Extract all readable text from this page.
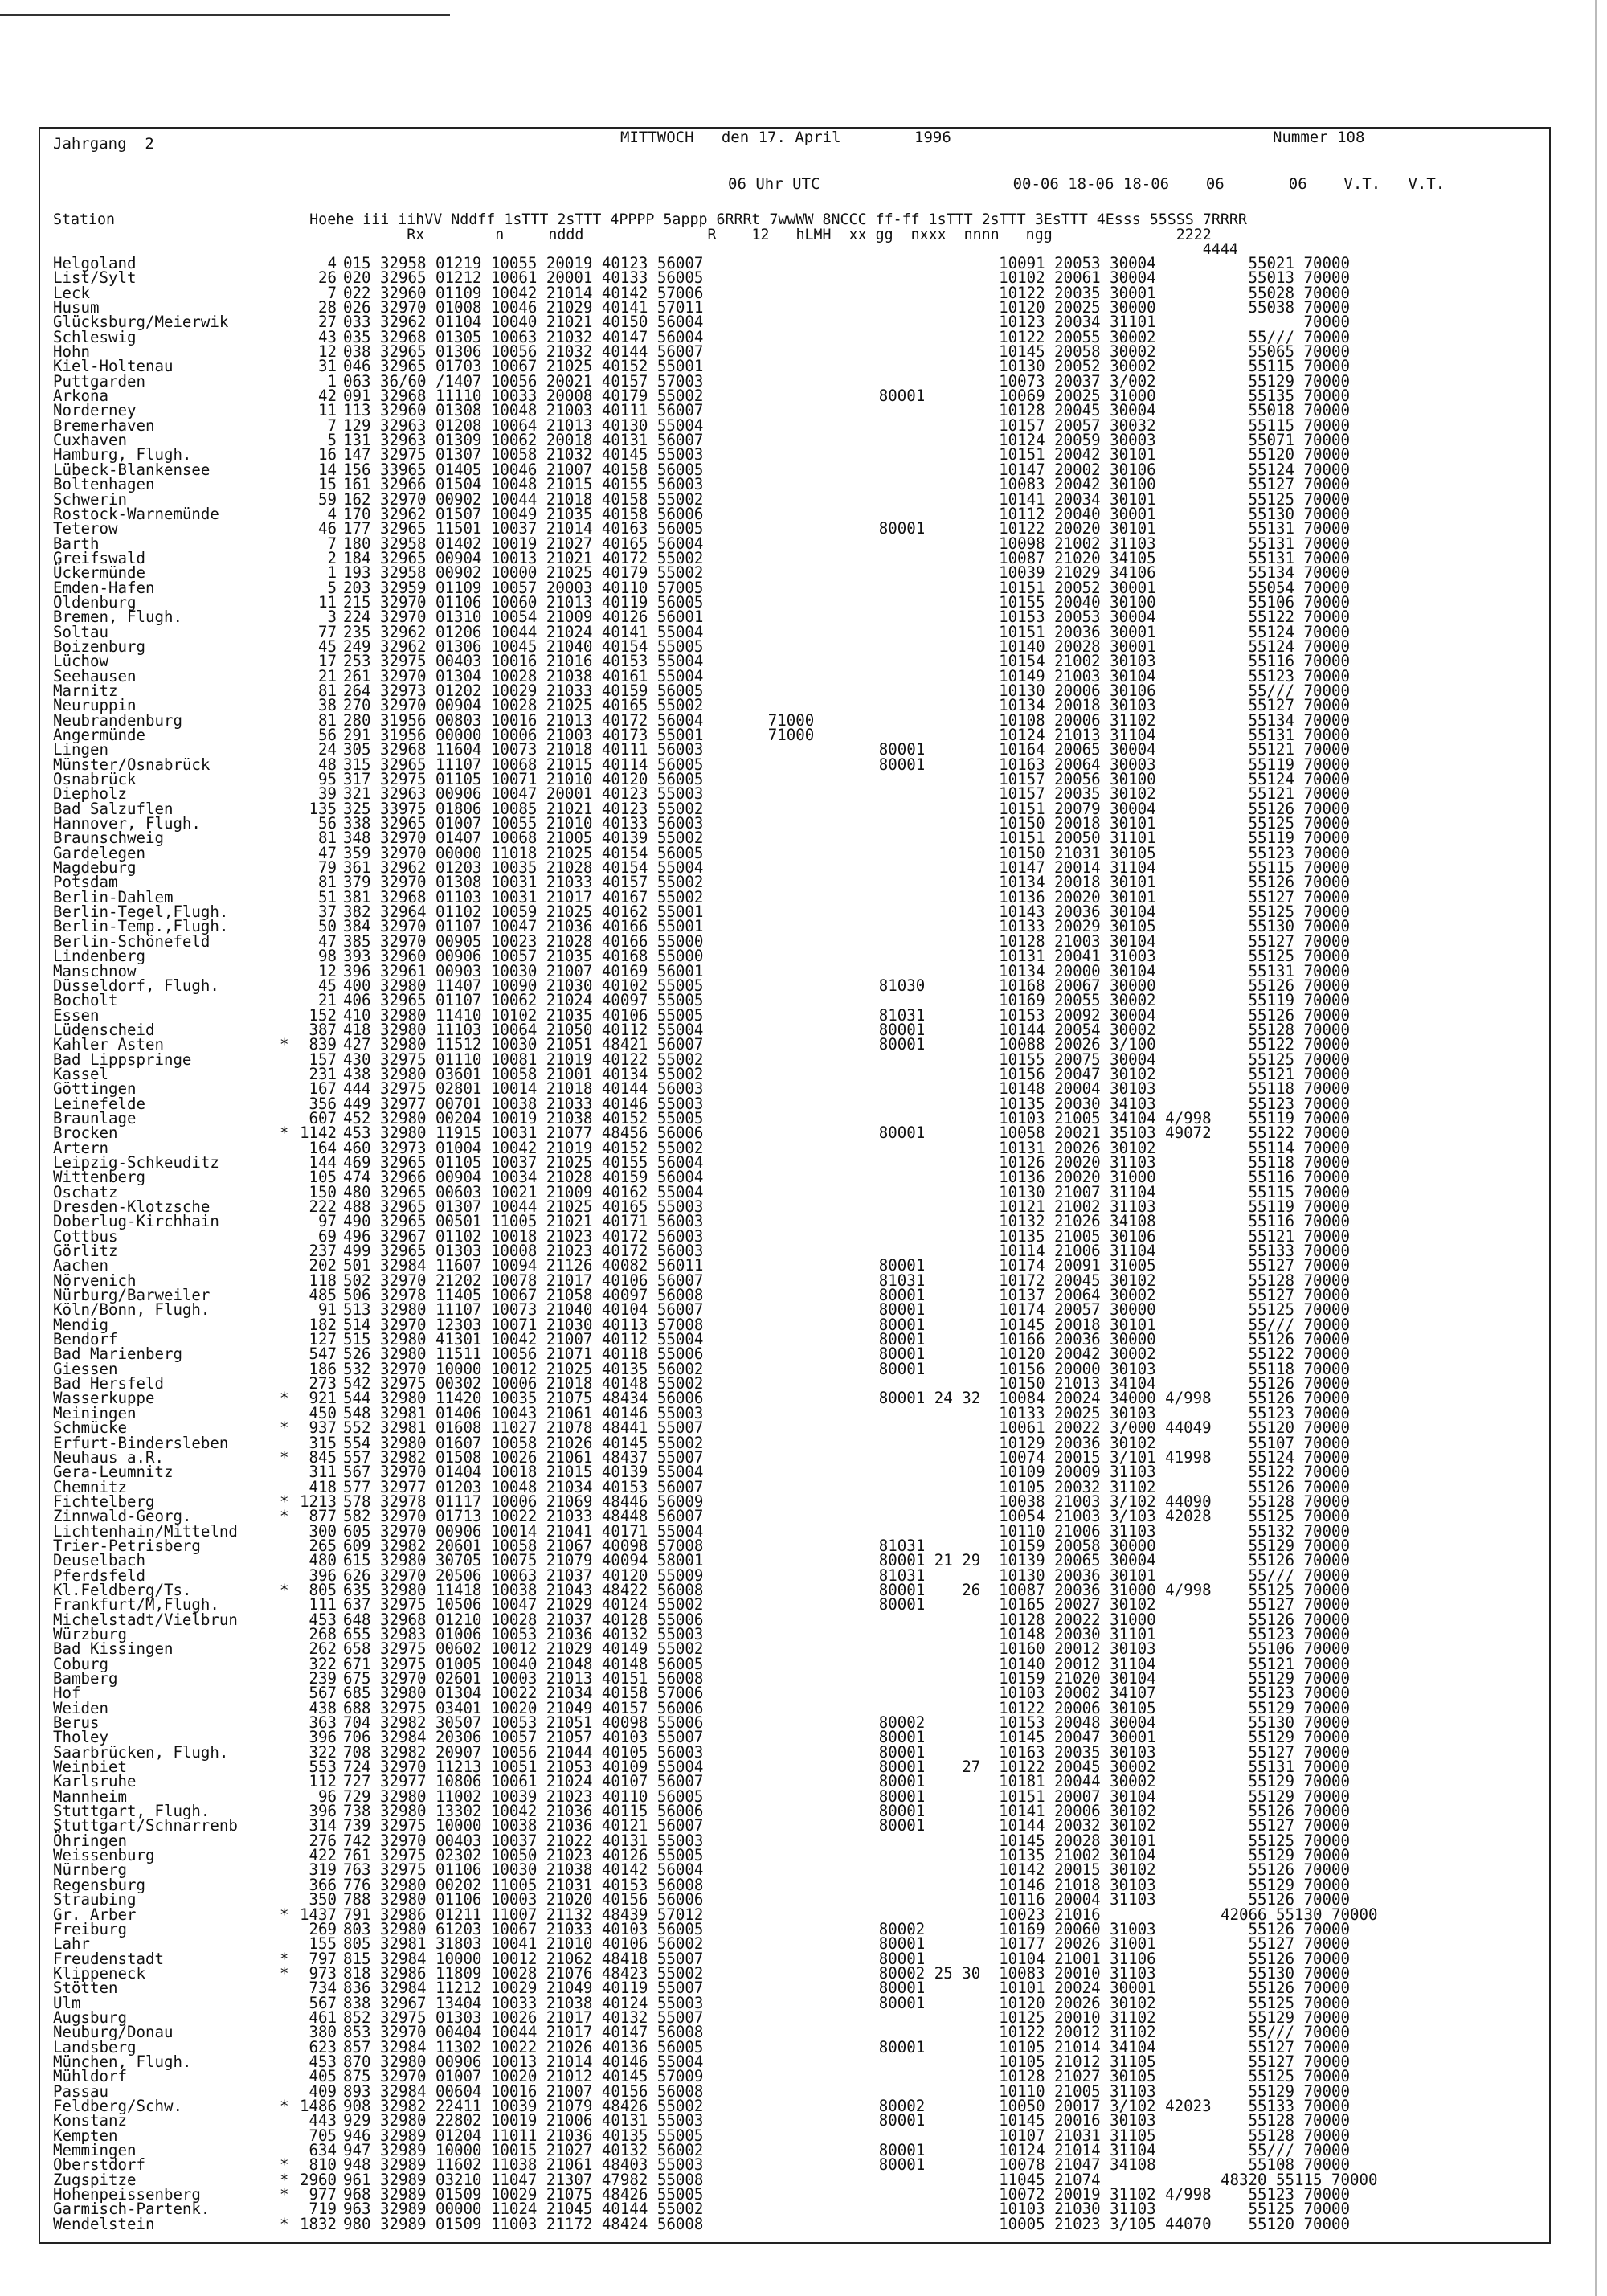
Jahrgang  2	MITTWOCH   den 17. April        1996	Nummer 108
06 Uhr UTC                     00-06 18-06 18-06    06       06    V.T.   V.T.
Station                      Hoehe iii iihVV Nddff 1sTTT 2sTTT 4PPPP 5appp 6RRRt 7wwWW 8NCCC ff-ff 1sTTT 2sTTT 3EsTTT 4Esss 55SSS 7RRRR
Rx        n     nddd              R    12   hLMH  xx gg  nxxx  nnnn   ngg              2222
4444
Helgoland	4 015 32958 01219 10055 20019 40123 56007                                10091 20053 30004          55021 70000
List/Sylt	26 020 32965 01212 10061 20001 40133 56005                                10102 20061 30004          55013 70000
Leck	7 022 32960 01109 10042 21014 40142 57006                                10122 20035 30001          55028 70000
Husum	28 026 32970 01008 10046 21029 40141 57011                                10120 20025 30000          55038 70000
Glücksburg/Meierwik	27 033 32962 01104 10040 21021 40150 56004                                10123 20034 31101                70000
Schleswig	43 035 32968 01305 10063 21032 40147 56004                                10122 20055 30002          55/// 70000
Hohn	12 038 32965 01306 10056 21032 40144 56007                                10145 20058 30002          55065 70000
Kiel-Holtenau	31 046 32965 01703 10067 21025 40152 55001                                10130 20052 30002          55115 70000
Puttgarden	1 063 36/60 /1407 10056 20021 40157 57003                                10073 20037 3/002          55129 70000
Arkona	42 091 32968 11110 10033 20008 40179 55002                   80001        10069 20025 31000          55135 70000
Norderney	11 113 32960 01308 10048 21003 40111 56007                                10128 20045 30004          55018 70000
Bremerhaven	7 129 32963 01208 10064 21013 40130 55004                                10157 20057 30032          55115 70000
Cuxhaven	5 131 32963 01309 10062 20018 40131 56007                                10124 20059 30003          55071 70000
Hamburg, Flugh.	16 147 32975 01307 10058 21032 40145 55003                                10151 20042 30101          55120 70000
Lübeck-Blankensee	14 156 33965 01405 10046 21007 40158 56005                                10147 20002 30106          55124 70000
Boltenhagen	15 161 32966 01504 10048 21015 40155 56003                                10083 20042 30100          55127 70000
Schwerin	59 162 32970 00902 10044 21018 40158 55002                                10141 20034 30101          55125 70000
Rostock-Warnemünde	4 170 32962 01507 10049 21035 40158 56006                                10112 20040 30001          55130 70000
Teterow	46 177 32965 11501 10037 21014 40163 56005                   80001        10122 20020 30101          55131 70000
Barth	7 180 32958 01402 10019 21027 40165 56004                                10098 21002 31103          55131 70000
Greifswald	2 184 32965 00904 10013 21021 40172 55002                                10087 21020 34105          55131 70000
Ückermünde	1 193 32958 00902 10000 21025 40179 55002                                10039 21029 34106          55134 70000
Emden-Hafen	5 203 32959 01109 10057 20003 40110 57005                                10151 20052 30001          55054 70000
Oldenburg	11 215 32970 01106 10060 21013 40119 56005                                10155 20040 30100          55106 70000
Bremen, Flugh.	3 224 32970 01310 10054 21009 40126 56001                                10153 20053 30004          55122 70000
Soltau	77 235 32962 01206 10044 21024 40141 55004                                10151 20036 30001          55124 70000
Boizenburg	45 249 32962 01306 10045 21040 40154 55005                                10140 20028 30001          55124 70000
Lüchow	17 253 32975 00403 10016 21016 40153 55004                                10154 21002 30103          55116 70000
Seehausen	21 261 32970 01304 10028 21038 40161 55004                                10149 21003 30104          55123 70000
Marnitz	81 264 32973 01202 10029 21033 40159 56005                                10130 20006 30106          55/// 70000
Neuruppin	38 270 32970 00904 10028 21025 40165 55002                                10134 20018 30103          55127 70000
Neubrandenburg	81 280 31956 00803 10016 21013 40172 56004       71000                    10108 20006 31102          55134 70000
Angermünde	56 291 31956 00000 10006 21003 40173 55001       71000                    10124 21013 31104          55131 70000
Lingen	24 305 32968 11604 10073 21018 40111 56003                   80001        10164 20065 30004          55121 70000
Münster/Osnabrück	48 315 32965 11107 10068 21015 40114 56005                   80001        10163 20064 30003          55119 70000
Osnabrück	95 317 32975 01105 10071 21010 40120 56005                                10157 20056 30100          55124 70000
Diepholz	39 321 32963 00906 10047 20001 40123 55003                                10157 20035 30102          55121 70000
Bad Salzuflen	135 325 33975 01806 10085 21021 40123 55002                                10151 20079 30004          55126 70000
Hannover, Flugh.	56 338 32965 01007 10055 21010 40133 56003                                10150 20018 30101          55125 70000
Braunschweig	81 348 32970 01407 10068 21005 40139 55002                                10151 20050 31101          55119 70000
Gardelegen	47 359 32970 00000 11018 21025 40154 56005                                10150 21031 30105          55123 70000
Magdeburg	79 361 32962 01203 10035 21028 40154 55004                                10147 20014 31104          55115 70000
Potsdam	81 379 32970 01308 10031 21033 40157 55002                                10134 20018 30101          55126 70000
Berlin-Dahlem	51 381 32968 01103 10031 21017 40167 55002                                10136 20020 30101          55127 70000
Berlin-Tegel,Flugh.	37 382 32964 01102 10059 21025 40162 55001                                10143 20036 30104          55125 70000
Berlin-Temp.,Flugh.	50 384 32970 01107 10047 21036 40166 55001                                10133 20029 30105          55130 70000
Berlin-Schönefeld	47 385 32970 00905 10023 21028 40166 55000                                10128 21003 30104          55127 70000
Lindenberg	98 393 32960 00906 10057 21035 40168 55000                                10131 20041 31003          55125 70000
Manschnow	12 396 32961 00903 10030 21007 40169 56001                                10134 20000 30104          55131 70000
Düsseldorf, Flugh.	45 400 32980 11407 10090 21030 40102 55005                   81030        10168 20067 30000          55126 70000
Bocholt	21 406 32965 01107 10062 21024 40097 55005                                10169 20055 30002          55119 70000
Essen	152 410 32980 11410 10102 21035 40106 55005                   81031        10153 20092 30004          55126 70000
Lüdenscheid	387 418 32980 11103 10064 21050 40112 55004                   80001        10144 20054 30002          55128 70000
Kahler Asten	* 839 427 32980 11512 10030 21051 48421 56007                   80001        10088 20026 3/100          55122 70000
Bad Lippspringe	157 430 32975 01110 10081 21019 40122 55002                                10155 20075 30004          55125 70000
Kassel	231 438 32980 03601 10058 21001 40134 55002                                10156 20047 30102          55121 70000
Göttingen	167 444 32975 02801 10014 21018 40144 56003                                10148 20004 30103          55118 70000
Leinefelde	356 449 32977 00701 10038 21033 40146 55003                                10135 20030 34103          55123 70000
Braunlage	607 452 32980 00204 10019 21038 40152 55005                                10103 21005 34104 4/998    55119 70000
Brocken	* 1142 453 32980 11915 10031 21077 48456 56006                   80001        10058 20021 35103 49072    55122 70000
Artern	164 460 32973 01004 10042 21019 40152 55002                                10131 20026 30102          55114 70000
Leipzig-Schkeuditz	144 469 32965 01105 10037 21025 40155 56004                                10126 20020 31103          55118 70000
Wittenberg	105 474 32966 00904 10034 21028 40159 56004                                10136 20020 31000          55116 70000
Oschatz	150 480 32965 00603 10021 21009 40162 55004                                10130 21007 31104          55115 70000
Dresden-Klotzsche	222 488 32965 01307 10044 21025 40165 55003                                10121 21002 31103          55119 70000
Doberlug-Kirchhain	97 490 32965 00501 11005 21021 40171 56003                                10132 21026 34108          55116 70000
Cottbus	69 496 32967 01102 10018 21023 40172 56003                                10135 21005 30106          55121 70000
Görlitz	237 499 32965 01303 10008 21023 40172 56003                                10114 21006 31104          55133 70000
Aachen	202 501 32984 11607 10094 21126 40082 56011                   80001        10174 20091 31005          55127 70000
Nörvenich	118 502 32970 21202 10078 21017 40106 56007                   81031        10172 20045 30102          55128 70000
Nürburg/Barweiler	485 506 32978 11405 10067 21058 40097 56008                   80001        10137 20064 30002          55127 70000
Köln/Bonn, Flugh.	91 513 32980 11107 10073 21040 40104 56007                   80001        10174 20057 30000          55125 70000
Mendig	182 514 32970 12303 10071 21030 40113 57008                   80001        10145 20018 30101          55/// 70000
Bendorf	127 515 32980 41301 10042 21007 40112 55004                   80001        10166 20036 30000          55126 70000
Bad Marienberg	547 526 32980 11511 10056 21071 40118 55006                   80001        10120 20042 30002          55122 70000
Giessen	186 532 32970 10000 10012 21025 40135 56002                   80001        10156 20000 30103          55118 70000
Bad Hersfeld	273 542 32975 00302 10006 21018 40148 55002                                10150 21013 34104          55126 70000
Wasserkuppe	* 921 544 32980 11420 10035 21075 48434 56006                   80001 24 32  10084 20024 34000 4/998    55126 70000
Meiningen	450 548 32981 01406 10043 21061 40146 55003                                10133 20025 30103          55123 70000
Schmücke	* 937 552 32981 01608 11027 21078 48441 55007                                10061 20022 3/000 44049    55120 70000
Erfurt-Bindersleben	315 554 32980 01607 10058 21026 40145 55002                                10129 20036 30102          55107 70000
Neuhaus a.R.	* 845 557 32982 01508 10026 21061 48437 55007                                10074 20015 3/101 41998    55124 70000
Gera-Leumnitz	311 567 32970 01404 10018 21015 40139 55004                                10109 20009 31103          55122 70000
Chemnitz	418 577 32977 01203 10048 21034 40153 56007                                10105 20032 31102          55126 70000
Fichtelberg	* 1213 578 32978 01117 10006 21069 48446 56009                                10038 21003 3/102 44090    55128 70000
Zinnwald-Georg.	* 877 582 32970 01713 10022 21033 48448 56007                                10054 21003 3/103 42028    55125 70000
Lichtenhain/Mittelnd	300 605 32970 00906 10014 21041 40171 55004                                10110 21006 31103          55132 70000
Trier-Petrisberg	265 609 32982 20601 10058 21067 40098 57008                   81031        10159 20058 30000          55129 70000
Deuselbach	480 615 32980 30705 10075 21079 40094 58001                   80001 21 29  10139 20065 30004          55126 70000
Pferdsfeld	396 626 32970 20506 10063 21037 40120 55009                   81031        10130 20036 30101          55/// 70000
Kl.Feldberg/Ts.	* 805 635 32980 11418 10038 21043 48422 56008                   80001    26  10087 20036 31000 4/998    55125 70000
Frankfurt/M,Flugh.	111 637 32975 10506 10047 21029 40124 55002                   80001        10165 20027 30102          55127 70000
Michelstadt/Vielbrun	453 648 32968 01210 10028 21037 40128 55006                                10128 20022 31000          55126 70000
Würzburg	268 655 32983 01006 10053 21036 40132 55003                                10148 20030 31101          55123 70000
Bad Kissingen	262 658 32975 00602 10012 21029 40149 55002                                10160 20012 30103          55106 70000
Coburg	322 671 32975 01005 10040 21048 40148 56005                                10140 20012 31104          55121 70000
Bamberg	239 675 32970 02601 10003 21013 40151 56008                                10159 21020 30104          55129 70000
Hof	567 685 32980 01304 10022 21034 40158 57006                                10103 20002 34107          55123 70000
Weiden	438 688 32975 03401 10020 21049 40157 56006                                10122 20006 30105          55129 70000
Berus	363 704 32982 30507 10053 21051 40098 55006                   80002        10153 20048 30004          55130 70000
Tholey	396 706 32984 20306 10057 21057 40103 55007                   80001        10145 20047 30001          55129 70000
Saarbrücken, Flugh.	322 708 32982 20907 10056 21044 40105 56003                   80001        10163 20035 30103          55127 70000
Weinbiet	553 724 32970 11213 10051 21053 40109 55004                   80001    27  10122 20045 30002          55131 70000
Karlsruhe	112 727 32977 10806 10061 21024 40107 56007                   80001        10181 20044 30002          55129 70000
Mannheim	96 729 32980 11002 10039 21023 40110 56005                   80001        10151 20007 30104          55129 70000
Stuttgart, Flugh.	396 738 32980 13302 10042 21036 40115 56006                   80001        10141 20006 30102          55126 70000
Stuttgart/Schnarrenb	314 739 32975 10000 10038 21036 40121 56007                   80001        10144 20032 30102          55127 70000
Öhringen	276 742 32970 00403 10037 21022 40131 55003                                10145 20028 30101          55125 70000
Weissenburg	422 761 32975 02302 10050 21023 40126 55005                                10135 21002 30104          55129 70000
Nürnberg	319 763 32975 01106 10030 21038 40142 56004                                10142 20015 30102          55126 70000
Regensburg	366 776 32980 00202 11005 21031 40153 56008                                10146 21018 30103          55129 70000
Straubing	350 788 32980 01106 10003 21020 40156 56006                                10116 20004 31103          55126 70000
Gr. Arber	* 1437 791 32986 01211 11007 21132 48439 57012                                10023 21016             42066 55130 70000
Freiburg	269 803 32980 61203 10067 21033 40103 56005                   80002        10169 20060 31003          55126 70000
Lahr	155 805 32981 31803 10041 21010 40106 56002                   80001        10177 20026 31001          55127 70000
Freudenstadt	* 797 815 32984 10000 10012 21062 48418 55007                   80001        10104 21001 31106          55126 70000
Klippeneck	* 973 818 32986 11809 10028 21076 48423 55002                   80002 25 30  10083 20010 31103          55130 70000
Stötten	734 836 32984 11212 10029 21049 40119 55007                   80001        10101 20024 30001          55126 70000
Ulm	567 838 32967 13404 10033 21038 40124 55003                   80001        10120 20026 30102          55125 70000
Augsburg	461 852 32975 01303 10026 21017 40132 55007                                10125 20010 31102          55129 70000
Neuburg/Donau	380 853 32970 00404 10044 21017 40147 56008                                10122 20012 31102          55/// 70000
Landsberg	623 857 32984 11302 10022 21026 40136 56005                   80001        10105 21014 34104          55127 70000
München, Flugh.	453 870 32980 00906 10013 21014 40146 55004                                10105 21012 31105          55127 70000
Mühldorf	405 875 32970 01007 10020 21012 40145 57009                                10128 21027 30105          55125 70000
Passau	409 893 32984 00604 10016 21007 40156 56008                                10110 21005 31103          55129 70000
Feldberg/Schw.	* 1486 908 32982 22411 10039 21079 48426 55002                   80002        10050 20017 3/102 42023    55133 70000
Konstanz	443 929 32980 22802 10019 21006 40131 55003                   80001        10145 20016 30103          55128 70000
Kempten	705 946 32989 01204 11011 21036 40135 55005                                10107 21031 31105          55128 70000
Memmingen	634 947 32989 10000 10015 21027 40132 56002                   80001        10124 21014 31104          55/// 70000
Oberstdorf	* 810 948 32989 11602 11038 21061 48403 55003                   80001        10078 21047 34108          55108 70000
Zugspitze	* 2960 961 32989 03210 11047 21307 47982 55008                                11045 21074             48320 55115 70000
Hohenpeissenberg	* 977 968 32989 01509 10029 21075 48426 55005                                10072 20019 31102 4/998    55123 70000
Garmisch-Partenk.	719 963 32989 00000 11024 21045 40144 55002                                10103 21030 31103          55125 70000
Wendelstein	* 1832 980 32989 01509 11003 21172 48424 56008                                10005 21023 3/105 44070    55120 70000
